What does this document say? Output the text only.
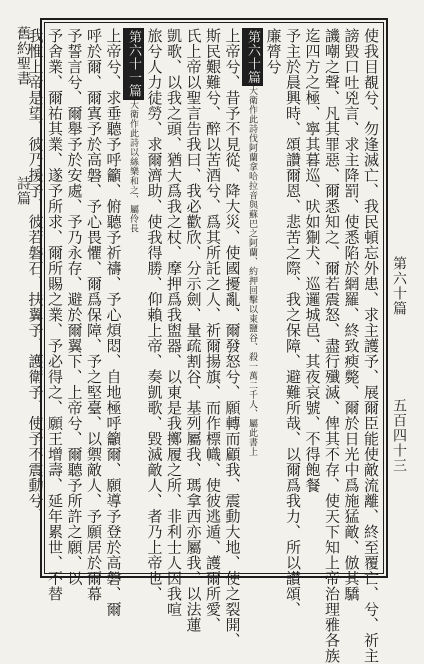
舊約聖書
詩篇
第六十篇
五百四十三
使我目覩兮、勿逢滅亡、我民頓忘外患、求主護予、展爾臣能使敵流離、終至覆亡、兮、祈主
謗毀口吐兇言、求主降罰、使悉陷於網羅、終致瘐斃、爾於日光中爲施猛敵、倣其驕
譏嘲之聲、凡其罪惡、爾悉知之、爾若震怒、盡行殲滅、俾其不存、使天下知上帝治理雅各族
迄四方之極、寧其暮巡、吠如猘犬、巡邏城邑、其夜哀號、不得飽餐
予主於晨興時、頌讚爾恩、悲苦之際、我之保障、避難所哉、以爾爲我力、所以讃頌、
廉膂兮
第六十篇大衛作此詩伐阿蘭拿哈拉音與蘇巴之阿蘭、約押回擊以東鹽谷、殺一萬二千人、屬此書上
上帝兮、昔予不見從、降大災、使國擾亂、爾發怒兮、願轉而顧我、震動大地、使之裂開、
斯民艱難兮、醉以苦酒兮、爲其所託之人、祈爾揚旗、而作標幟、使彼逃遁、護爾所愛、
氏上帝以聖言告我曰、我必歡欣、分示劍、量疏割谷、基列屬我、瑪拿西亦屬我、以法蓮
凱歌、以我之頭、猶大爲我之杖、摩押爲我盥器、以東是我擲履之所、非利士人因我喧
旅兮人力徒勞、求爾濟助、使我得勝、仰賴上帝、奏凱歌、毀滅敵人、者乃上帝也、
第六十一篇大衛作此詩以絲樂和之、屬伶長
上帝兮、求垂聽予呼籲、俯聽予祈禱、予心煩悶、自地極呼籲爾、願導予登於高磐、爾
呼於爾、爾寘予於高磐、予心畏懼、爾爲保障、予之堅臺、以禦敵人、予願居於爾幕
予誓言兮、爾舉予於安處、予乃永存、避於爾翼下、上帝兮、爾聽予所許之願、以
予舍業、爾祐其業、遂予所求、爾所賜之業、予必得之、願王增壽、延年累世、不替
我惟上帝是望、彼乃援予、彼若磐石、扶翼予、護衛予、使予不震動兮、
